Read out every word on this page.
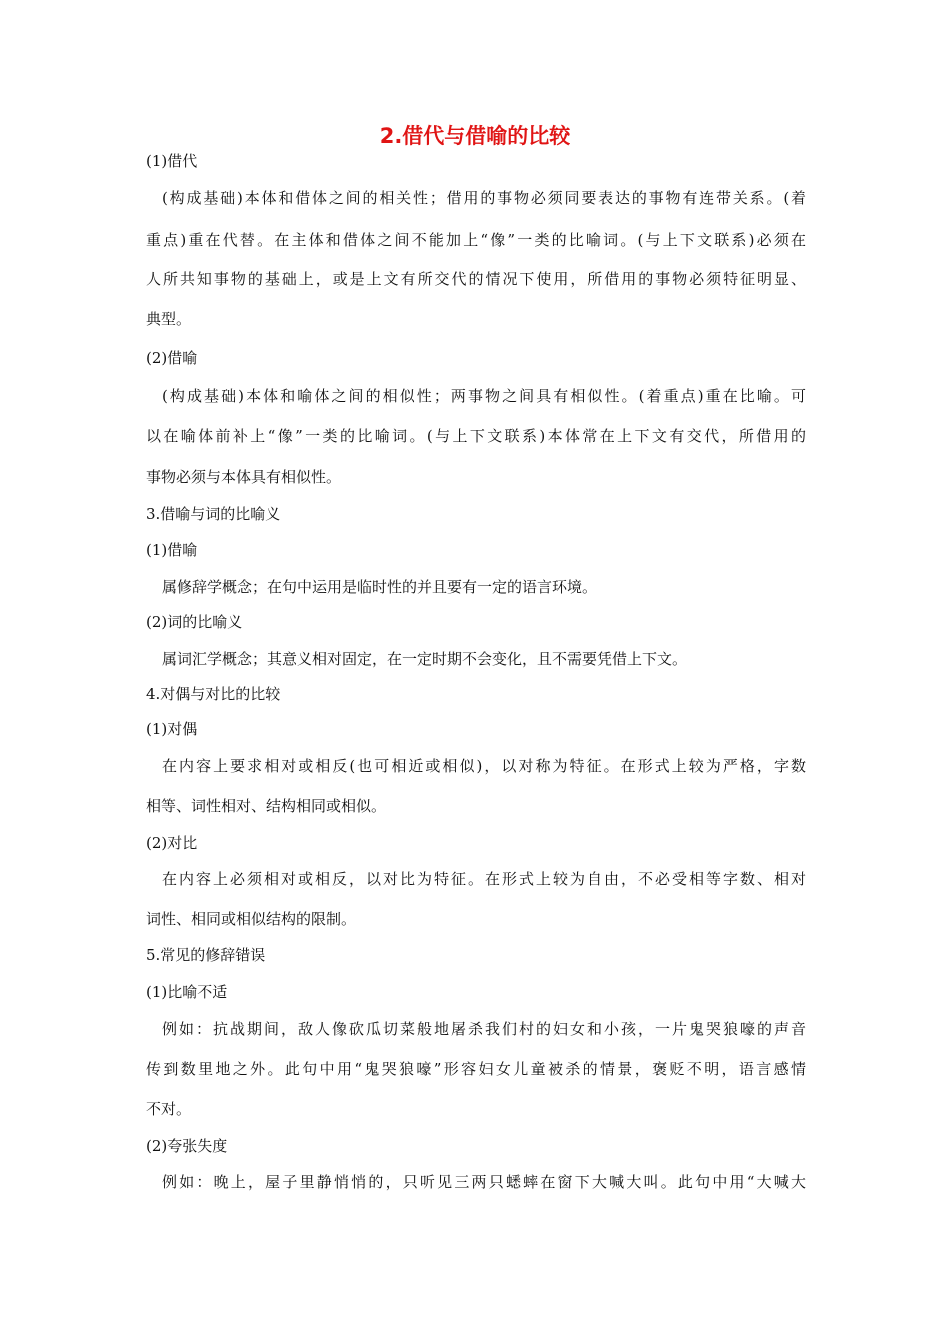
2.借代与借喻的比较
(1)借代
(构成基础)本体和借体之间的相关性；借用的事物必须同要表达的事物有连带关系。(着
重点)重在代替。在主体和借体之间不能加上“像”一类的比喻词。(与上下文联系)必须在
人所共知事物的基础上，或是上文有所交代的情况下使用，所借用的事物必须特征明显、
典型。
(2)借喻
(构成基础)本体和喻体之间的相似性；两事物之间具有相似性。(着重点)重在比喻。可
以在喻体前补上“像”一类的比喻词。(与上下文联系)本体常在上下文有交代，所借用的
事物必须与本体具有相似性。
3.借喻与词的比喻义
(1)借喻
属修辞学概念；在句中运用是临时性的并且要有一定的语言环境。
(2)词的比喻义
属词汇学概念；其意义相对固定，在一定时期不会变化，且不需要凭借上下文。
4.对偶与对比的比较
(1)对偶
在内容上要求相对或相反(也可相近或相似)，以对称为特征。在形式上较为严格，字数
相等、词性相对、结构相同或相似。
(2)对比
在内容上必须相对或相反，以对比为特征。在形式上较为自由，不必受相等字数、相对
词性、相同或相似结构的限制。
5.常见的修辞错误
(1)比喻不适
例如：抗战期间，敌人像砍瓜切菜般地屠杀我们村的妇女和小孩，一片鬼哭狼嚎的声音
传到数里地之外。此句中用“鬼哭狼嚎”形容妇女儿童被杀的情景，褒贬不明，语言感情
不对。
(2)夸张失度
例如：晚上，屋子里静悄悄的，只听见三两只蟋蟀在窗下大喊大叫。此句中用“大喊大
